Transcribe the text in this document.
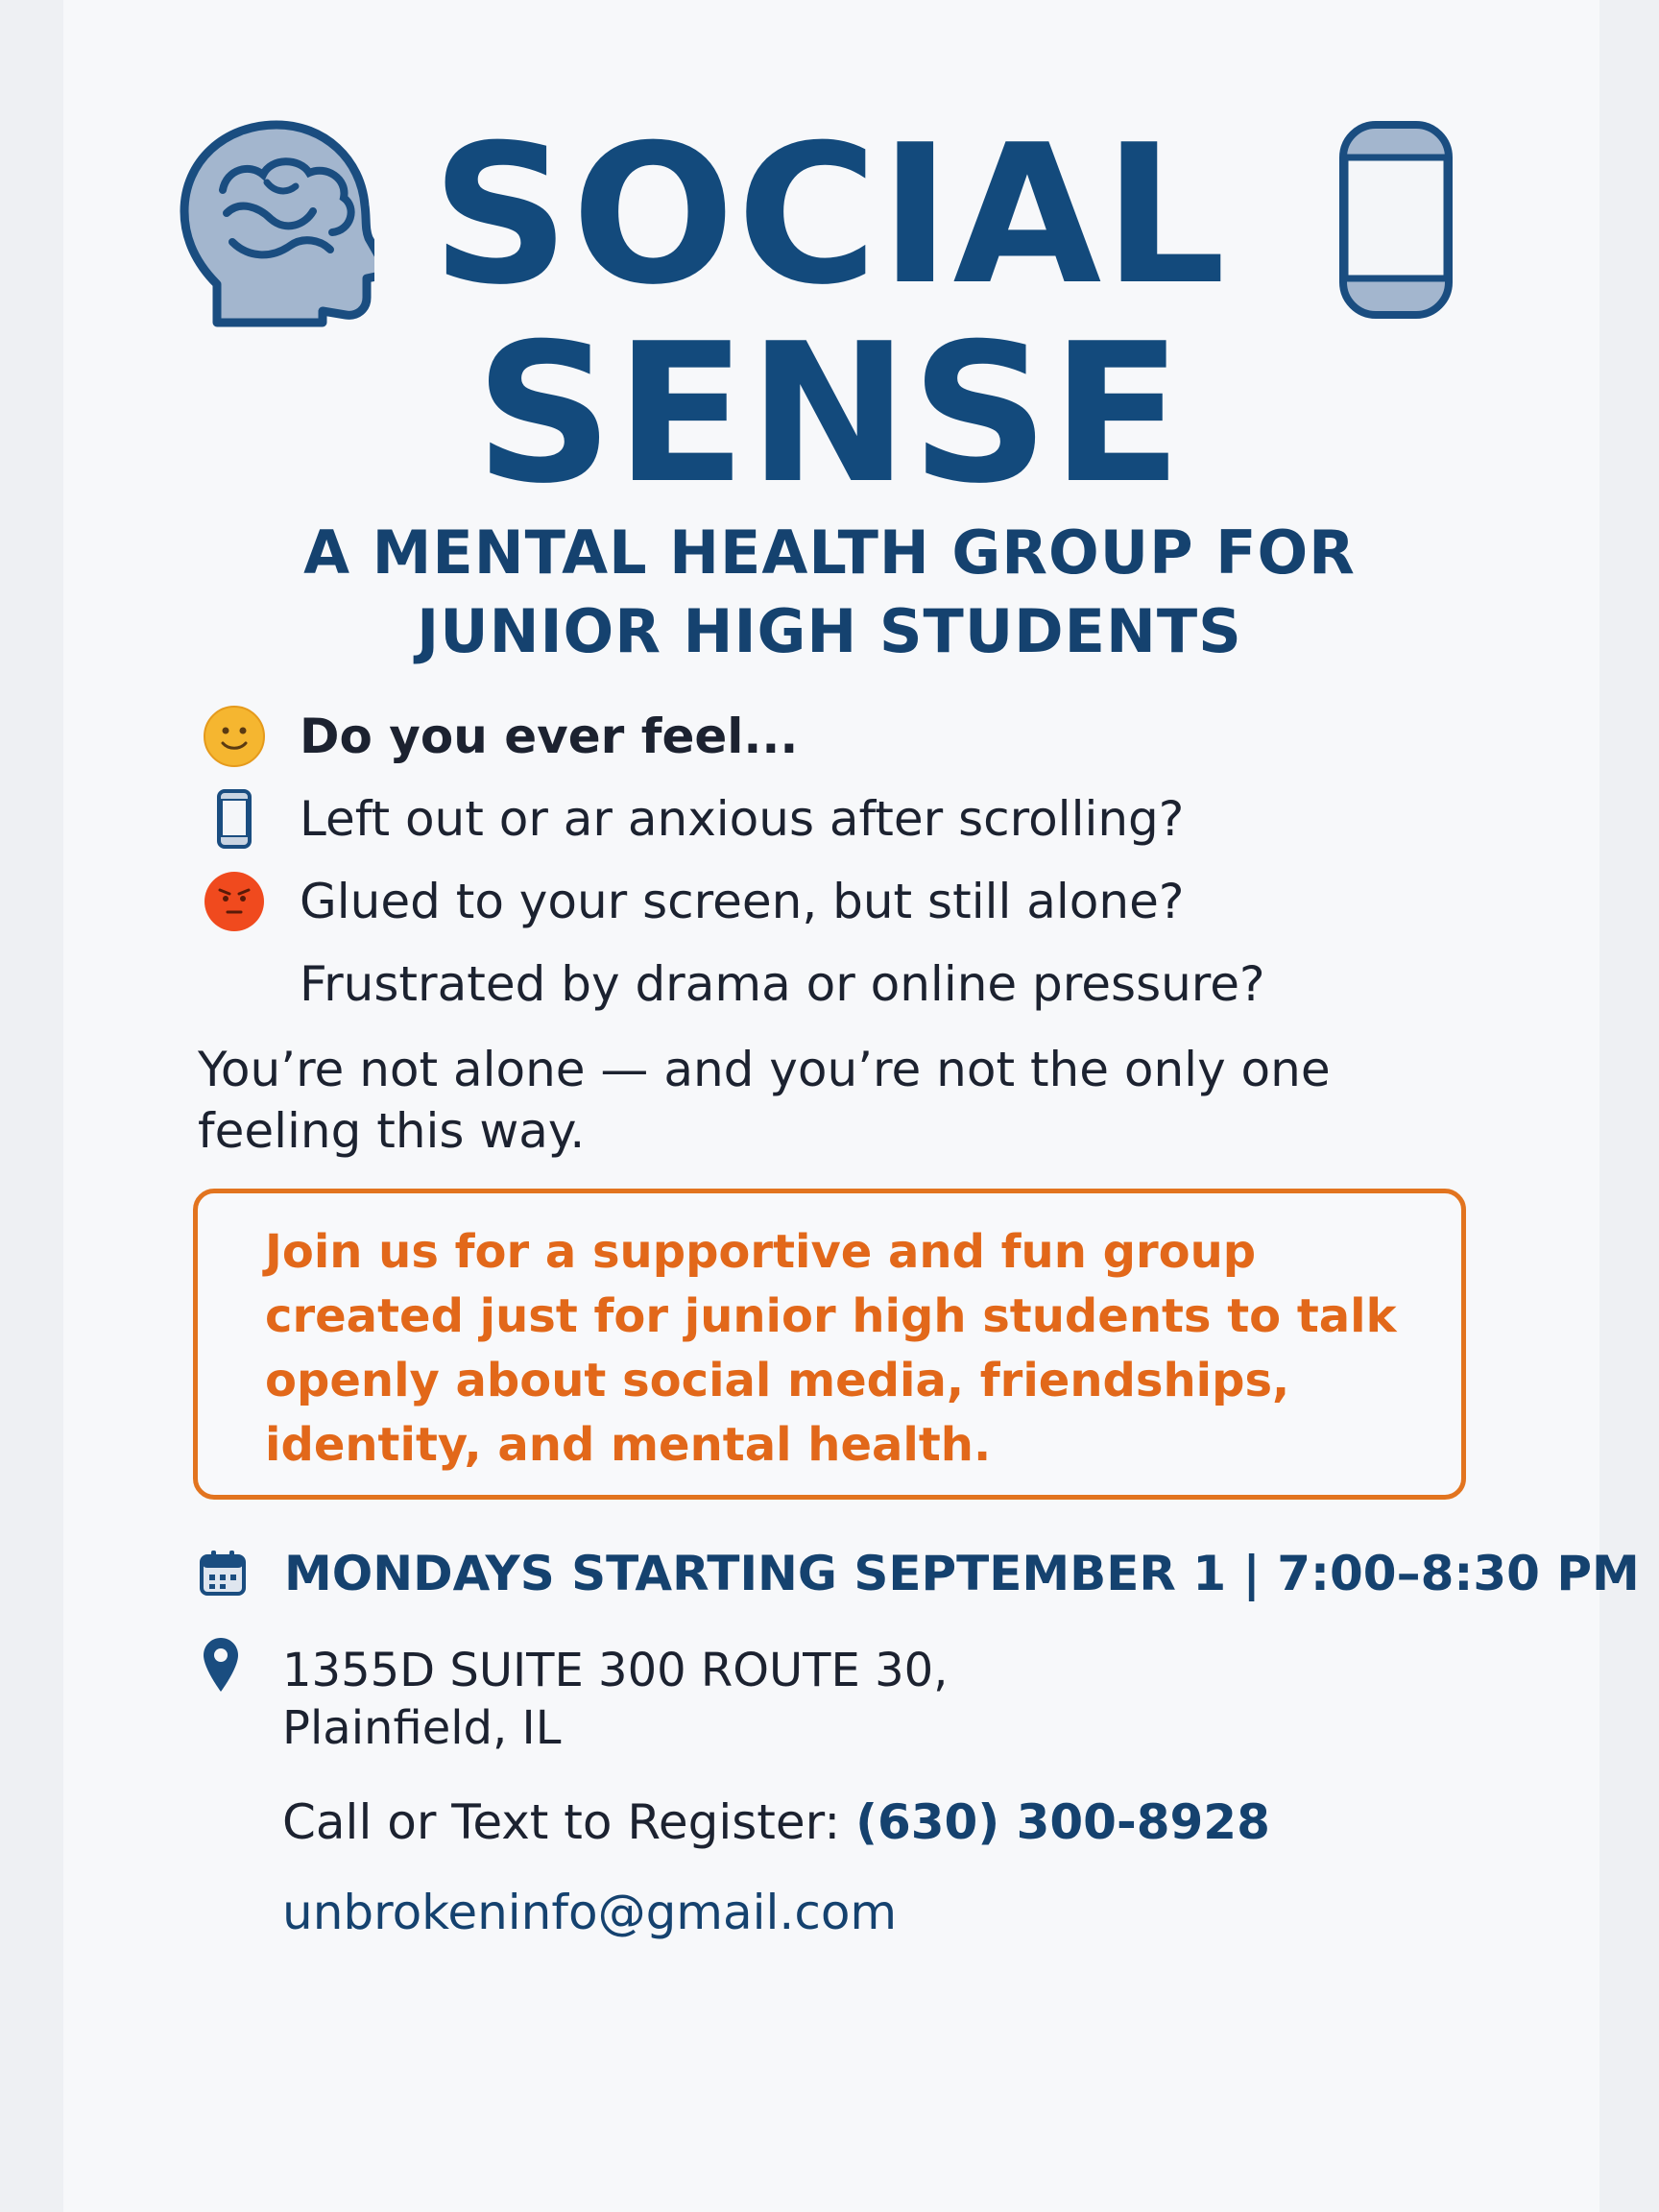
SOCIAL
SENSE
A MENTAL HEALTH GROUP FOR
JUNIOR HIGH STUDENTS
Do you ever feel...
Left out or ar anxious after scrolling?
Glued to your screen, but still alone?
Frustrated by drama or online pressure?
You’re not alone — and you’re not the only one feeling this way.
Join us for a supportive and fun group created just for junior high students to talk openly about social media, friendships, identity, and mental health.
MONDAYS STARTING SEPTEMBER 1 | 7:00–8:30 PM
1355D SUITE 300 ROUTE 30,
Plainfield, IL
Call or Text to Register: (630) 300-8928
unbrokeninfo@gmail.com
